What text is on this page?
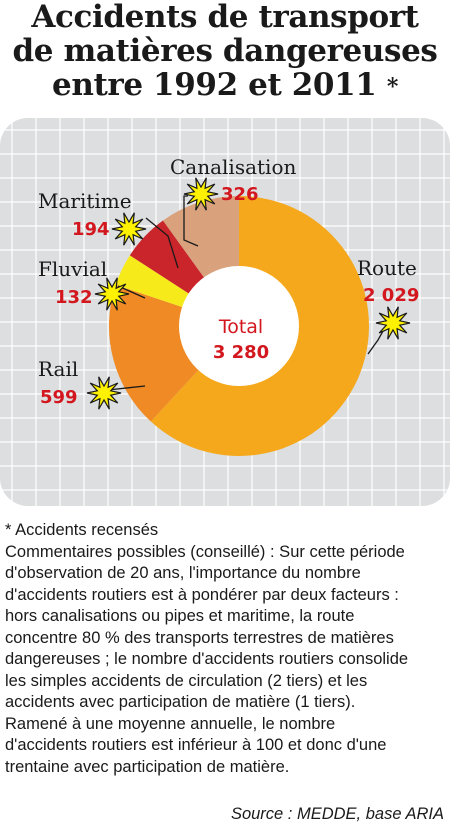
Accidents de transport
de matières dangereuses
entre 1992 et 2011 *
Canalisation
326
Maritime
194
Fluvial
132
Route
2 029
Rail
599
Total
3 280

* Accidents recensés

Commentaires possibles (conseillé) : Sur cette période

d'observation de 20 ans, l'importance du nombre

d'accidents routiers est à pondérer par deux facteurs :

hors canalisations ou pipes et maritime, la route

concentre 80 % des transports terrestres de matières

dangereuses ; le nombre d'accidents routiers consolide

les simples accidents de circulation (2 tiers) et les

accidents avec participation de matière (1 tiers).

Ramené à une moyenne annuelle, le nombre

d'accidents routiers est inférieur à 100 et donc d'une

trentaine avec participation de matière.

Source : MEDDE, base ARIA
